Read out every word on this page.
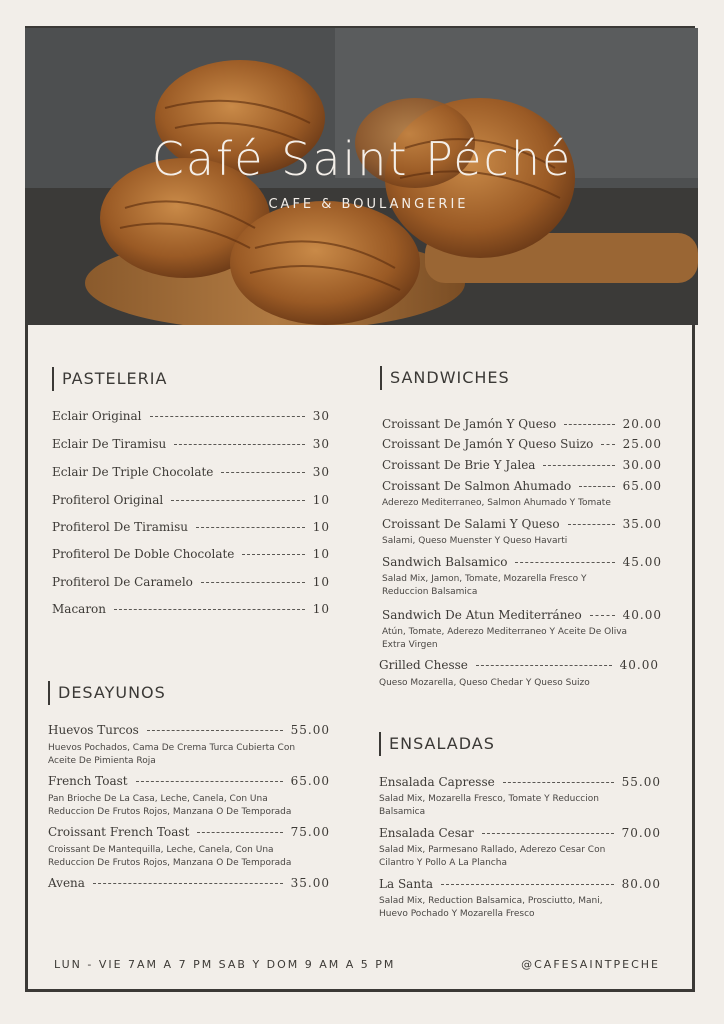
Café Saint Péché
CAFE & BOULANGERIE
PASTELERIA
Eclair Original	30
Eclair De Tiramisu	30
Eclair De Triple Chocolate	30
Profiterol Original	10
Profiterol De Tiramisu	10
Profiterol De Doble Chocolate	10
Profiterol De Caramelo	10
Macaron	10
DESAYUNOS
Huevos Turcos	55.00
Huevos Pochados, Cama De Crema Turca Cubierta Con Aceite De Pimienta Roja
French Toast	65.00
Pan Brioche De La Casa, Leche, Canela, Con Una Reduccion De Frutos Rojos, Manzana O De Temporada
Croissant French Toast	75.00
Croissant De Mantequilla, Leche, Canela, Con Una Reduccion De Frutos Rojos, Manzana O De Temporada
Avena	35.00
SANDWICHES
Croissant De Jamón Y Queso	20.00
Croissant De Jamón Y Queso Suizo 25.00
Croissant De Brie Y Jalea	30.00
Croissant De Salmon Ahumado	65.00
Aderezo Mediterraneo, Salmon Ahumado Y Tomate
Croissant De Salami Y Queso	35.00
Salami, Queso Muenster Y Queso Havarti
Sandwich Balsamico	45.00
Salad Mix, Jamon, Tomate, Mozarella Fresco Y Reduccion Balsamica
Sandwich De Atun Mediterráneo	40.00
Atún, Tomate, Aderezo Mediterraneo Y Aceite De Oliva Extra Virgen
Grilled Chesse	40.00
Queso Mozarella, Queso Chedar Y Queso Suizo
ENSALADAS
Ensalada Capresse	55.00
Salad Mix, Mozarella Fresco, Tomate Y Reduccion Balsamica
Ensalada Cesar	70.00
Salad Mix, Parmesano Rallado, Aderezo Cesar Con Cilantro Y Pollo A La Plancha
La Santa	80.00
Salad Mix, Reduction Balsamica, Prosciutto, Mani, Huevo Pochado Y Mozarella Fresco
LUN - VIE 7AM A 7 PM SAB Y DOM 9 AM A 5 PM	@CAFESAINTPECHE
